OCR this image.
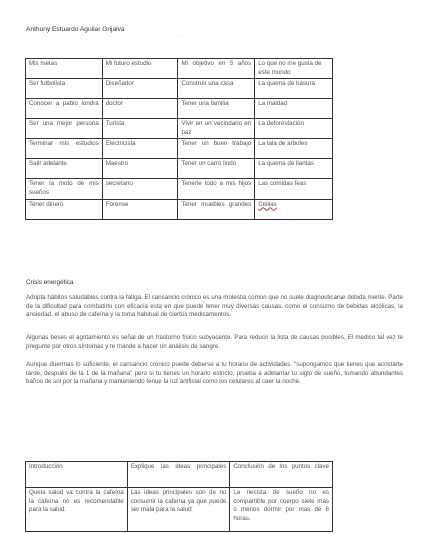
Anthony Estuardo Aguilar Grijalva
- - -
Mis metas	Mi futuro estudio	Mi objetivo en 5 años	Lo que no me gusta de este mundo
Ser futbolista	Diseñador	Construir una casa	La quema de basura
Conocer a pablo londra	doctor	Tener una familia	La maldad
Ser una mejor persona	Turista	Vivir en un vecindario en paz	La deforestación
Terminar mis estudios	Electricista	Tener un buen trabajo	La tala de arboles
Salir adelante	Maestro	Tener un carro lindo	La quema de llantas
Tener la moto de mis sueños	secretario	Tenerle todo a mis hijos	Las comidas feas
Tener dinero	Forense	Tener muebles grandes	Celilas
Crisis energética
Adopta hábitos saludables contra la fatiga. El cansancio crónico es una molestia común que no suele diagnosticarse debida mente. Parte de la dificultad para combatirlo con eficacia esta en que puede tener muy diversas causas, como el consumo de bebidas alcólicas, la ansiedad, el abuso de cafeína y la toma habitual de ciertos medicamentos.
Algunas beses el agotamiento es señal de un trastorno físico subyacente. Para reducir la lista de causas posibles, El medico tal vez te pregunte por otros síntomas y te mande a hacer un análisis de sangre.
Aunque duermas lo suficiente, el cansancio crónico puede deberse a tu horario de actividades. "supongamos que tienes que acostarte tarde, después de la 1 de la mañana" pero si tu tienes un horario estricto, prueba a adelantar tu siglo de sueño, tomando abundantes baños de sol por la mañana y manteniendo tenue la luz artificial como los celulares al caer la noche.
Introducción	Explique las ideas principales	Conclusión de los puntos clave
Quela salud va contra la cafeína la cafeína no es recomendable para la salud.	Las ideas principales son de no consumir la cafeína ya que puede ser mala para la salud	La necista de sueño no es compartible por cuerpo siete mas o menos dormir por mas de 8 horas.
